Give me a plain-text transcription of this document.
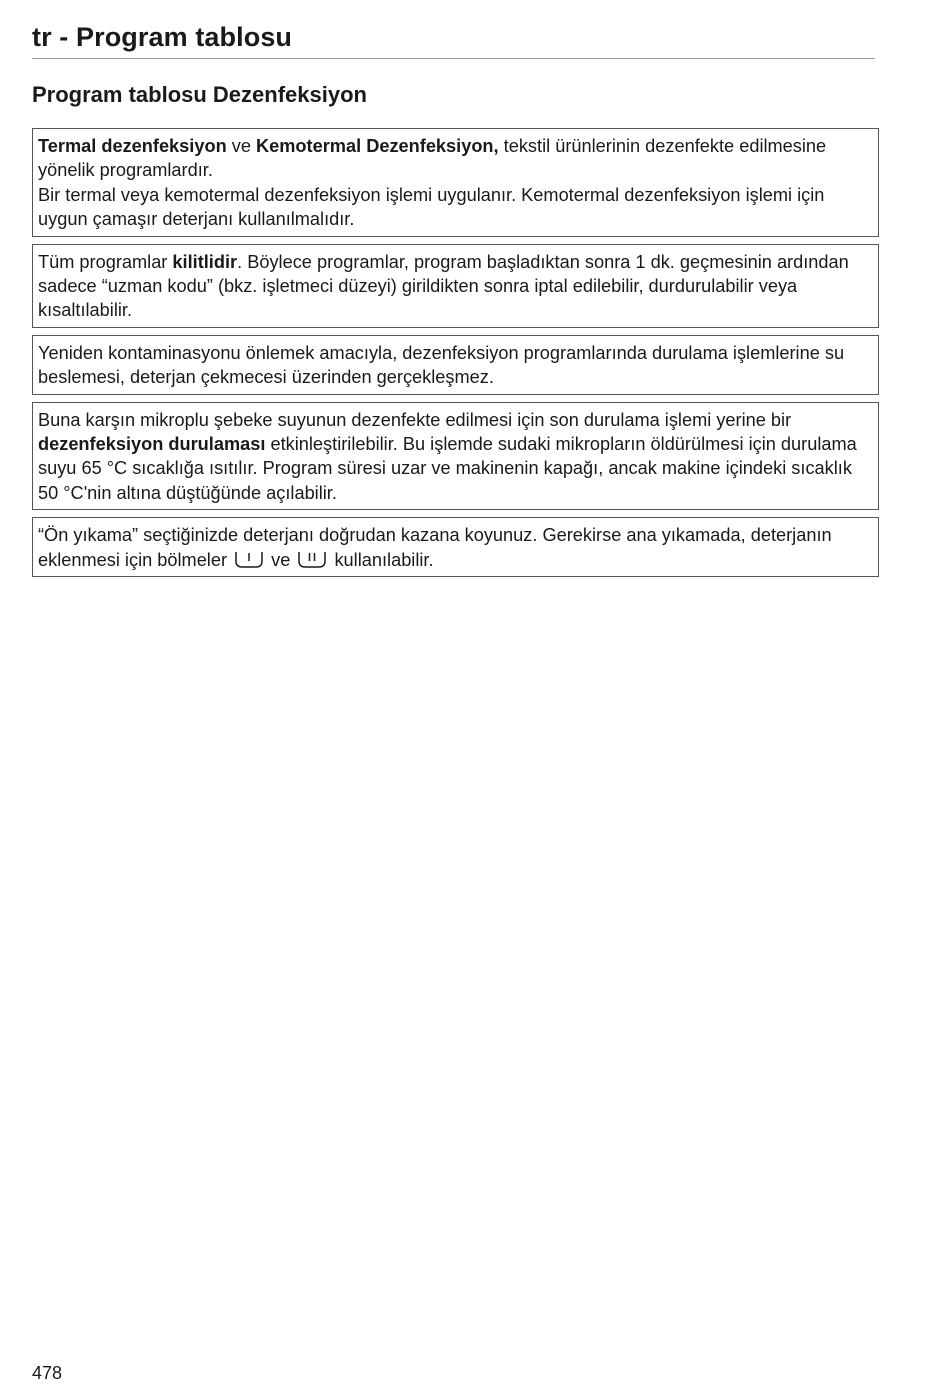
tr - Program tablosu
Program tablosu Dezenfeksiyon

Termal dezenfeksiyon ve Kemotermal Dezenfeksiyon, tekstil ürünlerinin dezenfekte edilmesine yönelik programlardır.

Bir termal veya kemotermal dezenfeksiyon işlemi uygulanır. Kemotermal dezenfeksiyon işlemi için uygun çamaşır deterjanı kullanılmalıdır.

Tüm programlar kilitlidir. Böylece programlar, program başladıktan sonra 1 dk. geçmesinin ardından sadece “uzman kodu” (bkz. işletmeci düzeyi) girildikten sonra iptal edilebilir, durdurulabilir veya kısaltılabilir.

Yeniden kontaminasyonu önlemek amacıyla, dezenfeksiyon programlarında durulama işlemlerine su beslemesi, deterjan çekmecesi üzerinden gerçekleşmez.

Buna karşın mikroplu şebeke suyunun dezenfekte edilmesi için son durulama işlemi yerine bir dezenfeksiyon durulaması etkinleştirilebilir. Bu işlemde sudaki mikropların öldürülmesi için durulama suyu 65 °C sıcaklığa ısıtılır. Program süresi uzar ve makinenin kapağı, ancak makine içindeki sıcaklık 50 °C'nin altına düştüğünde açılabilir.

“Ön yıkama” seçtiğinizde deterjanı doğrudan kazana koyunuz. Gerekirse ana yıkamada, deterjanın eklenmesi için bölmeler
ve
kullanılabilir.

478
